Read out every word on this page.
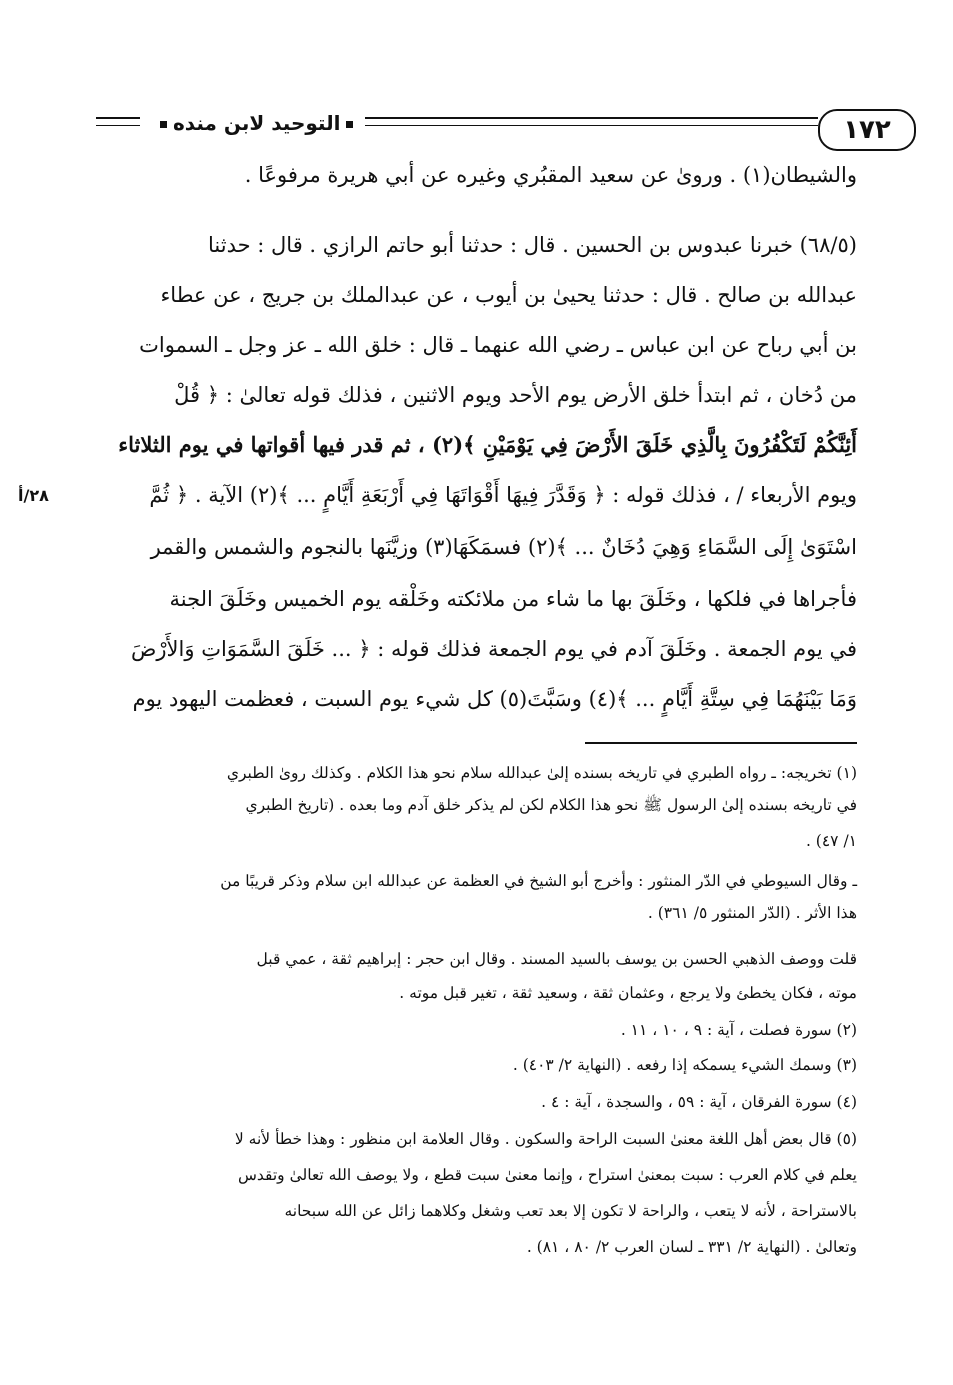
التوحيد لابن منده	١٧٢
والشيطان(١) . وروىٰ عن سعيد المقبُري وغيره عن أبي هريرة مرفوعًا .
(٦٨/٥) خبرنا عبدوس بن الحسين . قال : حدثنا أبو حاتم الرازي . قال : حدثنا
عبدالله بن صالح . قال : حدثنا يحيىٰ بن أيوب ، عن عبدالملك بن جريج ، عن عطاء
بن أبي رباح عن ابن عباس ـ رضي الله عنهما ـ قال : خلق الله ـ عز وجل ـ السموات
من دُخان ، ثم ابتدأ خلق الأرض يوم الأحد ويوم الاثنين ، فذلك قوله تعالىٰ : ﴿ قُلْ
أَئِنَّكُمْ لَتَكْفُرُونَ بِالَّذِي خَلَقَ الأَرْضَ فِي يَوْمَيْنِ ﴾(٢) ، ثم قدر فيها أقواتها في يوم الثلاثاء
ويوم الأربعاء / ، فذلك قوله : ﴿ وَقَدَّرَ فِيهَا أَقْوَاتَهَا فِي أَرْبَعَةِ أَيَّامٍ ... ﴾(٢) الآية . ﴿ ثُمَّ
اسْتَوَىٰ إِلَى السَّمَاءِ وَهِيَ دُخَانٌ ... ﴾(٢) فسمَكَهَا(٣) وزيَّنَها بالنجوم والشمس والقمر
فأجراها في فلكها ، وخَلَقَ بها ما شاء من ملائكته وخَلْقه يوم الخميس وخَلَقَ الجنة
في يوم الجمعة . وخَلَقَ آدم في يوم الجمعة فذلك قوله : ﴿ ... خَلَقَ السَّمَوَاتِ وَالأَرْضَ
وَمَا بَيْنَهُمَا فِي سِتَّةِ أَيَّامٍ ... ﴾(٤) وسَبَّتَ(٥) كل شيء يوم السبت ، فعظمت اليهود يوم
٢٨/أ
(١) تخريجه: ـ رواه الطبري في تاريخه بسنده إلىٰ عبدالله سلام نحو هذا الكلام . وكذلك روىٰ الطبري
في تاريخه بسنده إلىٰ الرسول ﷺ نحو هذا الكلام لكن لم يذكر خلق آدم وما بعده . (تاريخ الطبري
١/ ٤٧) .
ـ وقال السيوطي في الدّر المنثور : وأخرج أبو الشيخ في العظمة عن عبدالله ابن سلام وذكر قريبًا من
هذا الأثر . (الدّر المنثور ٥/ ٣٦١) .
قلت ووصف الذهبي الحسن بن يوسف بالسيد المسند . وقال ابن حجر : إبراهيم ثقة ، عمي قبل
موته ، فكان يخطئ ولا يرجع ، وعثمان ثقة ، وسعيد ثقة ، تغير قبل موته .
(٢) سورة فصلت ، آية : ٩ ، ١٠ ، ١١ .
(٣) وسمك الشيء يسمكه إذا رفعه . (النهاية ٢/ ٤٠٣) .
(٤) سورة الفرقان ، آية : ٥٩ ، والسجدة ، آية : ٤ .
(٥) قال بعض أهل اللغة معنىٰ السبت الراحة والسكون . وقال العلامة ابن منظور : وهذا خطأ لأنه لا
يعلم في كلام العرب : سبت بمعنىٰ استراح ، وإنما معنىٰ سبت قطع ، ولا يوصف الله تعالىٰ وتقدس
بالاستراحة ، لأنه لا يتعب ، والراحة لا تكون إلا بعد تعب وشغل وكلاهما زائل عن الله سبحانه
وتعالىٰ . (النهاية ٢/ ٣٣١ ـ لسان العرب ٢/ ٨٠ ، ٨١) .
